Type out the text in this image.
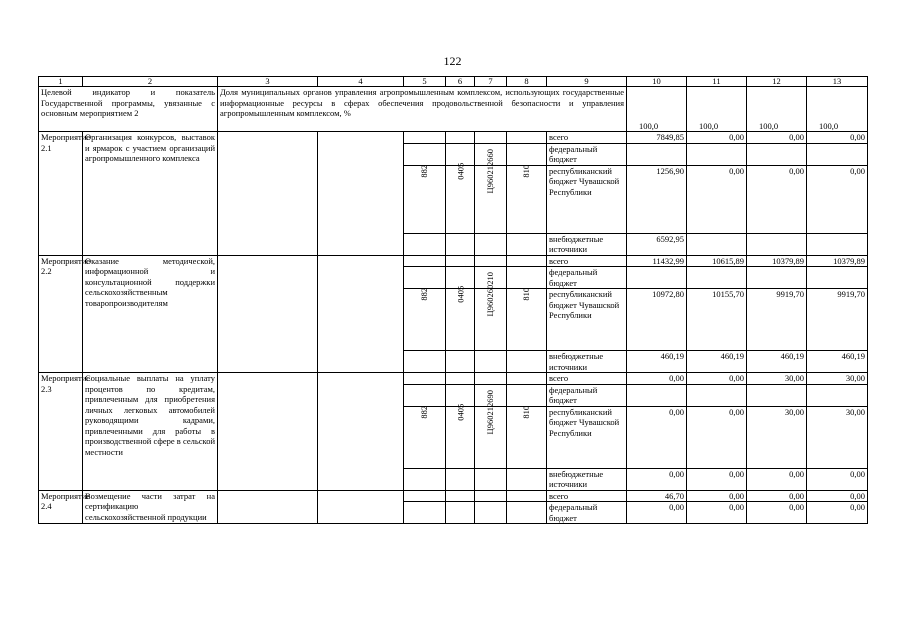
122
1	2	3	4	5	6	7	8	9	10	11	12	13
Целевой индикатор и показатель Государственной программы, увязанные с основным мероприятием 2		Доля муниципальных органов управления агропромышленным комплексом, использующих государственные информационные ресурсы в сферах обеспечения продовольственной безопасности и управления агропромышленным комплексом, %							100,0	100,0	100,0	100,0
Мероприятие 2.1	Организация конкурсов, выставок и ярмарок с участием организаций агропромышленного комплекса							всего	7849,85	0,00	0,00	0,00
								федеральный бюджет				

				882	0405	Ц960212660	810	республиканский бюджет Чувашской Республики	1256,90	0,00	0,00	0,00
								внебюджетные источники	6592,95			
Мероприятие 2.2	Оказание методической, информационной и консультационной поддержки сельскохозяйственным товаропроизводителям							всего	11432,99	10615,89	10379,89	10379,89
								федеральный бюджет				

				882	0405	Ц960260210	810	республиканский бюджет Чувашской Республики	10972,80	10155,70	9919,70	9919,70
								внебюджетные источники	460,19	460,19	460,19	460,19
Мероприятие 2.3	Социальные выплаты на уплату процентов по кредитам, привлеченным для приобретения личных легковых автомобилей руководящими кадрами, привлеченными для работы в производственной сфере в сельской местности							всего	0,00	0,00	30,00	30,00
								федеральный бюджет				

				882	0405	Ц960212690	810	республиканский бюджет Чувашской Республики	0,00	0,00	30,00	30,00
								внебюджетные источники	0,00	0,00	0,00	0,00
Мероприятие 2.4	Возмещение части затрат на сертификацию сельскохозяйственной продукции							всего	46,70	0,00	0,00	0,00
								федеральный бюджет	0,00	0,00	0,00	0,00
